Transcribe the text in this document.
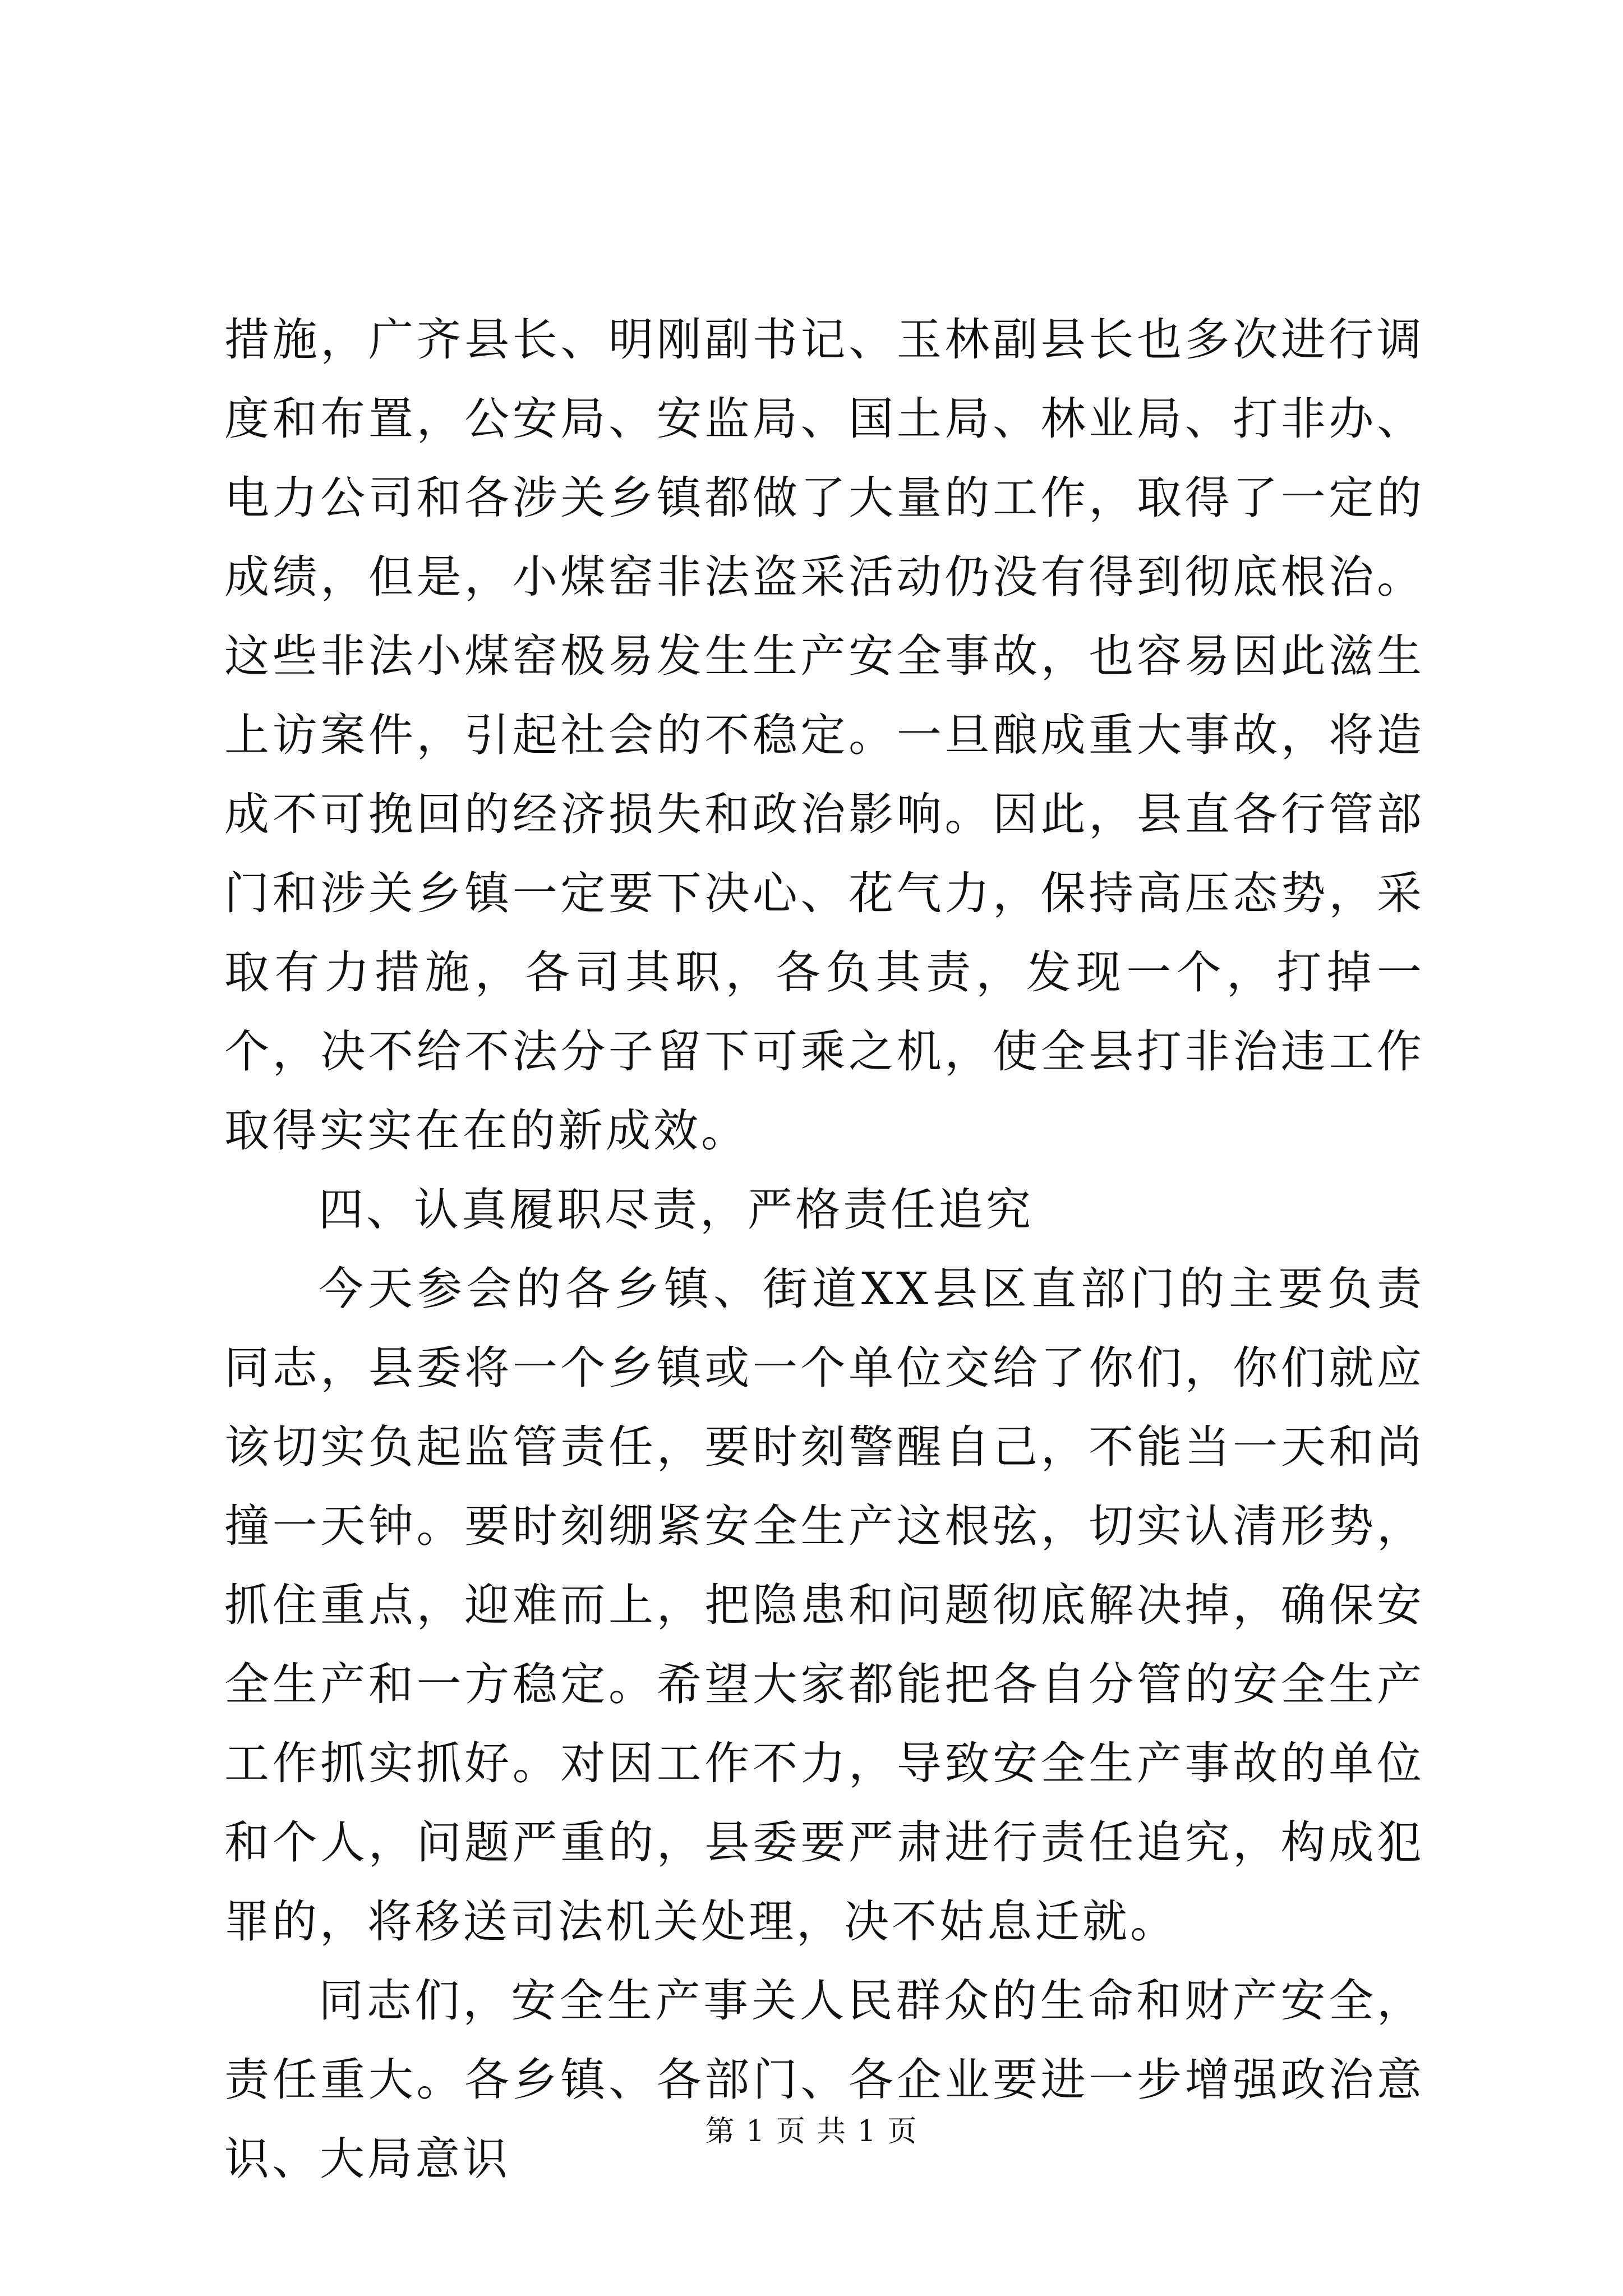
措施，广齐县长、明刚副书记、玉林副县长也多次进行调度和布置，公安局、安监局、国土局、林业局、打非办、电力公司和各涉关乡镇都做了大量的工作，取得了一定的成绩，但是，小煤窑非法盗采活动仍没有得到彻底根治。这些非法小煤窑极易发生生产安全事故，也容易因此滋生上访案件，引起社会的不稳定。一旦酿成重大事故，将造成不可挽回的经济损失和政治影响。因此，县直各行管部门和涉关乡镇一定要下决心、花气力，保持高压态势，采取有力措施，各司其职，各负其责，发现一个，打掉一个，决不给不法分子留下可乘之机，使全县打非治违工作取得实实在在的新成效。

四、认真履职尽责，严格责任追究

今天参会的各乡镇、街道XX县区直部门的主要负责同志，县委将一个乡镇或一个单位交给了你们，你们就应该切实负起监管责任，要时刻警醒自己，不能当一天和尚撞一天钟。要时刻绷紧安全生产这根弦，切实认清形势，抓住重点，迎难而上，把隐患和问题彻底解决掉，确保安全生产和一方稳定。希望大家都能把各自分管的安全生产工作抓实抓好。对因工作不力，导致安全生产事故的单位和个人，问题严重的，县委要严肃进行责任追究，构成犯罪的，将移送司法机关处理，决不姑息迁就。

同志们，安全生产事关人民群众的生命和财产安全，责任重大。各乡镇、各部门、各企业要进一步增强政治意识、大局意识

第 1 页 共 1 页
